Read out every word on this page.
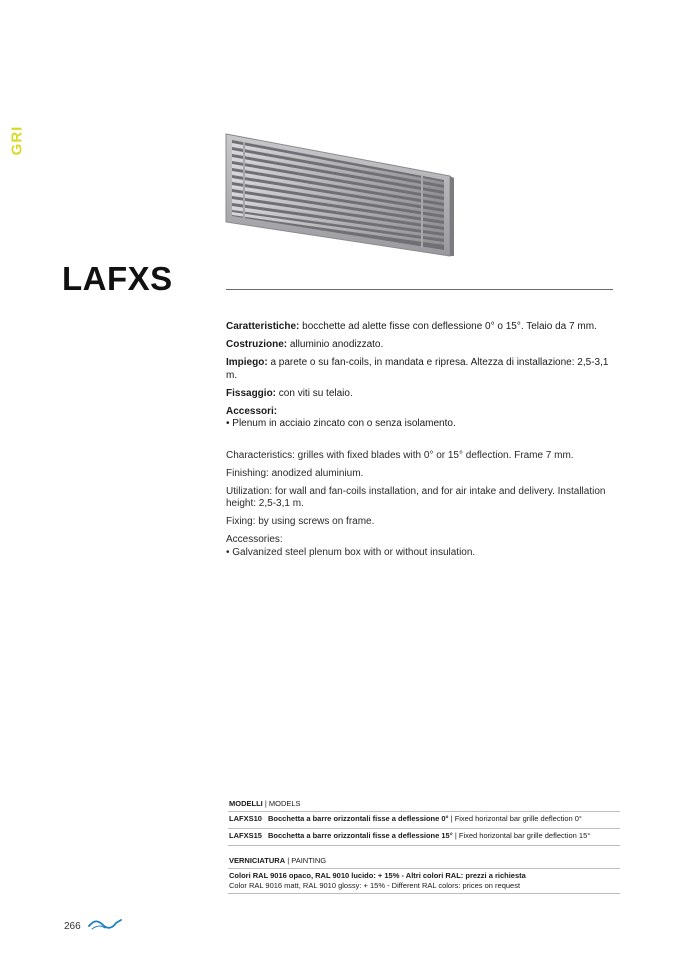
GRI
LAFXS

Caratteristiche: bocchette ad alette fisse con deflessione 0° o 15°. Telaio da 7 mm.

Costruzione: alluminio anodizzato.

Impiego: a parete o su fan-coils, in mandata e ripresa. Altezza di installazione: 2,5-3,1 m.

Fissaggio: con viti su telaio.

Accessori:
• Plenum in acciaio zincato con o senza isolamento.

Characteristics: grilles with fixed blades with 0° or 15° deflection. Frame 7 mm.

Finishing: anodized aluminium.

Utilization: for wall and fan-coils installation, and for air intake and delivery. Installation height: 2,5-3,1 m.

Fixing: by using screws on frame.

Accessories:
• Galvanized steel plenum box with or without insulation.

MODELLI | MODELS
LAFXS10 Bocchetta a barre orizzontali fisse a deflessione 0° | Fixed horizontal bar grille deflection 0°
LAFXS15 Bocchetta a barre orizzontali fisse a deflessione 15° | Fixed horizontal bar grille deflection 15°
VERNICIATURA | PAINTING
Colori RAL 9016 opaco, RAL 9010 lucido: + 15% - Altri colori RAL: prezzi a richiesta
Color RAL 9016 matt, RAL 9010 glossy: + 15% - Different RAL colors: prices on request
266
